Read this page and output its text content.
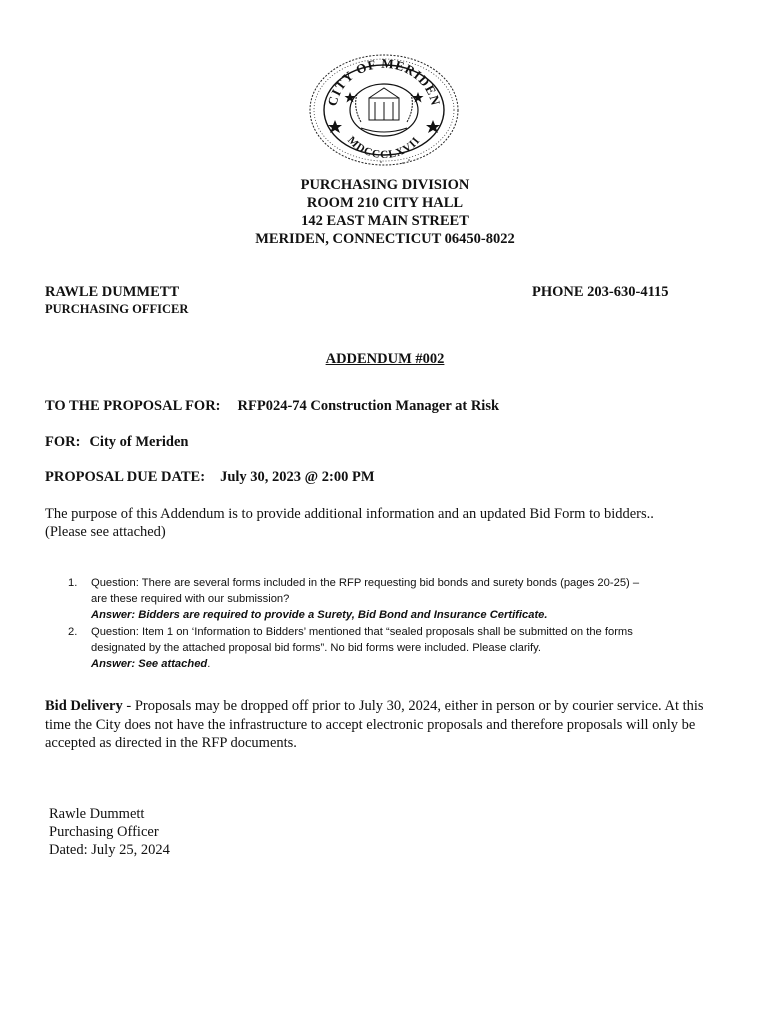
CITY OF MERIDEN
MDCCCLXVII
PURCHASING DIVISION
ROOM 210 CITY HALL
142 EAST MAIN STREET
MERIDEN, CONNECTICUT 06450-8022
RAWLE DUMMETT
PURCHASING OFFICER
PHONE 203-630-4115
ADDENDUM #002
TO THE PROPOSAL FOR: RFP024-74 Construction Manager at Risk
FOR: City of Meriden
PROPOSAL DUE DATE: July 30, 2023 @ 2:00 PM
The purpose of this Addendum is to provide additional information and an updated Bid Form to bidders..
(Please see attached)
1. Question: There are several forms included in the RFP requesting bid bonds and surety bonds (pages 20-25) –
are these required with our submission?
Answer: Bidders are required to provide a Surety, Bid Bond and Insurance Certificate.
2. Question: Item 1 on ‘Information to Bidders’ mentioned that “sealed proposals shall be submitted on the forms
designated by the attached proposal bid forms”. No bid forms were included. Please clarify.
Answer: See attached.
Bid Delivery - Proposals may be dropped off prior to July 30, 2024, either in person or by courier service. At this time the City does not have the infrastructure to accept electronic proposals and therefore proposals will only be accepted as directed in the RFP documents.
Rawle Dummett
Purchasing Officer
Dated: July 25, 2024
